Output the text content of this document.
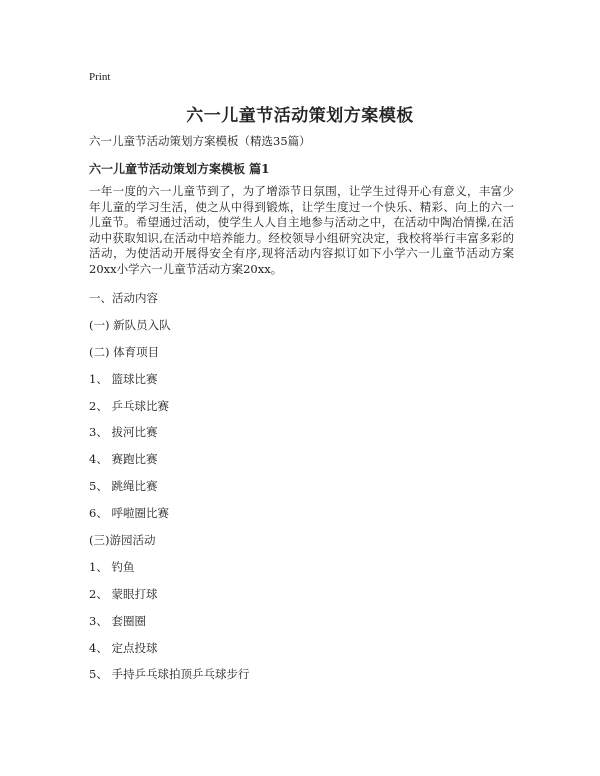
Print
六一儿童节活动策划方案模板

六一儿童节活动策划方案模板（精选35篇）

六一儿童节活动策划方案模板 篇1

一年一度的六一儿童节到了，为了增添节日氛围，让学生过得开心有意义，丰富少年儿童的学习生活，使之从中得到锻炼，让学生度过一个快乐、精彩、向上的六一儿童节。希望通过活动，使学生人人自主地参与活动之中，在活动中陶冶情操,在活动中获取知识,在活动中培养能力。经校领导小组研究决定，我校将举行丰富多彩的活动，为使活动开展得安全有序,现将活动内容拟订如下小学六一儿童节活动方案20xx小学六一儿童节活动方案20xx。

一、活动内容
(一) 新队员入队
(二) 体育项目
1、 篮球比赛
2、 乒乓球比赛
3、 拔河比赛
4、 赛跑比赛
5、 跳绳比赛
6、 呼啦圈比赛
(三)游园活动
1、 钓鱼
2、 蒙眼打球
3、 套圈圈
4、 定点投球
5、 手持乒乓球拍顶乒乓球步行
